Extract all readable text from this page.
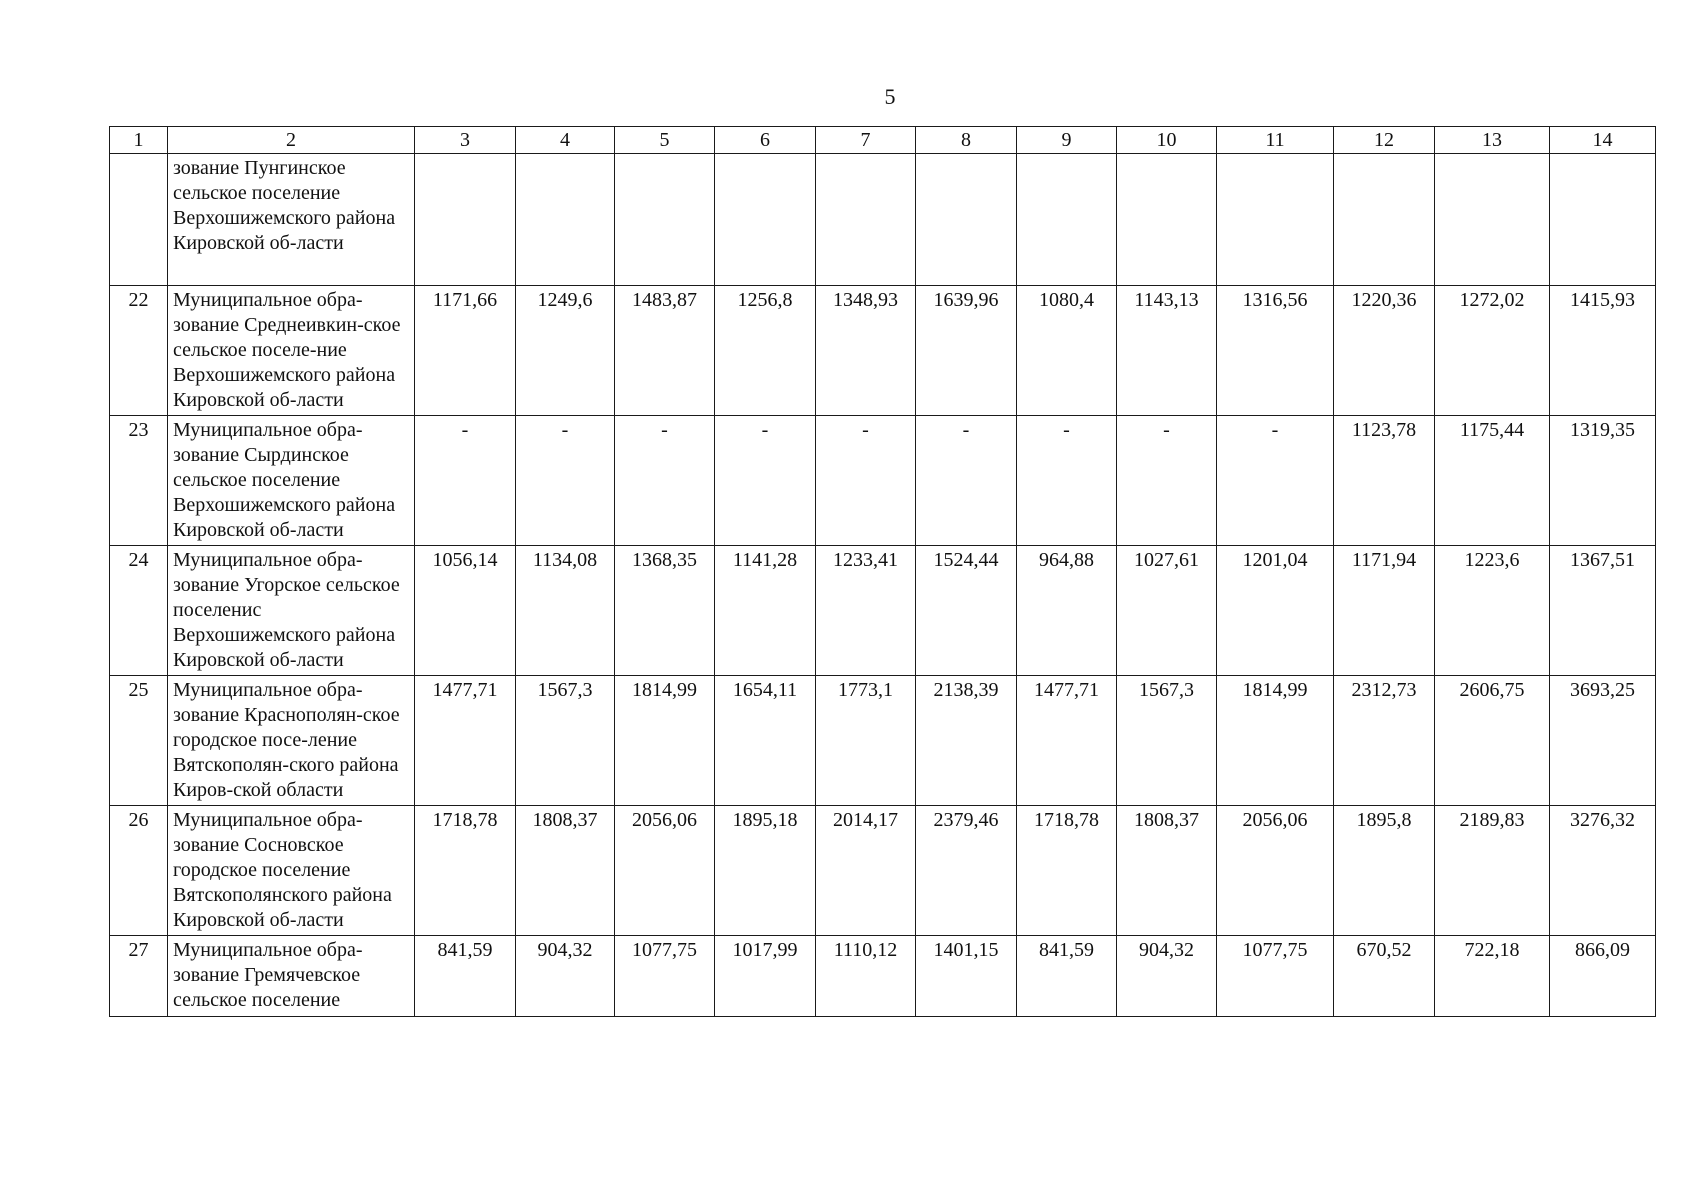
5
1	2	3	4	5	6	7	8	9	10	11	12	13	14
	зование Пунгинское сельское поселение Верхошижемского района Кировской об-ласти												
22	Муниципальное обра-зование Среднеивкин-ское сельское поселе-ние Верхошижемского района Кировской об-ласти	1171,66	1249,6	1483,87	1256,8	1348,93	1639,96	1080,4	1143,13	1316,56	1220,36	1272,02	1415,93
23	Муниципальное обра-зование Сырдинское сельское поселение Верхошижемского района Кировской об-ласти	-	-	-	-	-	-	-	-	-	1123,78	1175,44	1319,35
24	Муниципальное обра-зование Угорское сельское поселенис Верхошижемского района Кировской об-ласти	1056,14	1134,08	1368,35	1141,28	1233,41	1524,44	964,88	1027,61	1201,04	1171,94	1223,6	1367,51
25	Муниципальное обра-зование Краснополян-ское городское посе-ление Вятскополян-ского района Киров-ской области	1477,71	1567,3	1814,99	1654,11	1773,1	2138,39	1477,71	1567,3	1814,99	2312,73	2606,75	3693,25
26	Муниципальное обра-зование Сосновское городское поселение Вятскополянского района Кировской об-ласти	1718,78	1808,37	2056,06	1895,18	2014,17	2379,46	1718,78	1808,37	2056,06	1895,8	2189,83	3276,32
27	Муниципальное обра-зование Гремячевское сельское поселение	841,59	904,32	1077,75	1017,99	1110,12	1401,15	841,59	904,32	1077,75	670,52	722,18	866,09
